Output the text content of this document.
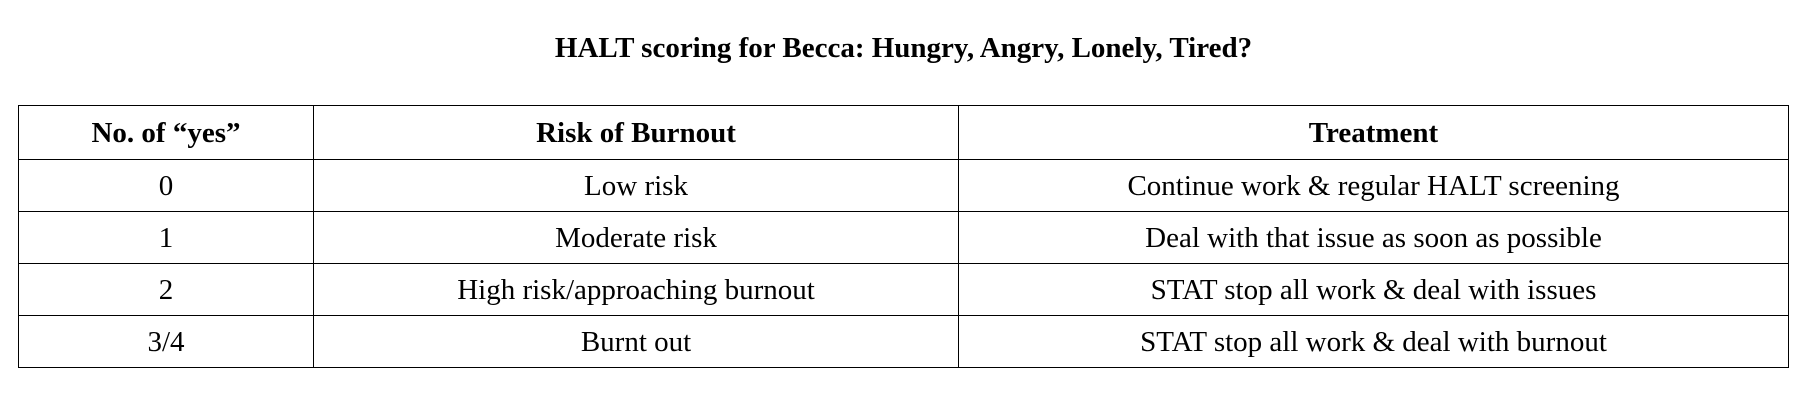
HALT scoring for Becca: Hungry, Angry, Lonely, Tired?
No. of “yes”	Risk of Burnout	Treatment
0	Low risk	Continue work & regular HALT screening
1	Moderate risk	Deal with that issue as soon as possible
2	High risk/approaching burnout	STAT stop all work & deal with issues
3/4	Burnt out	STAT stop all work & deal with burnout
